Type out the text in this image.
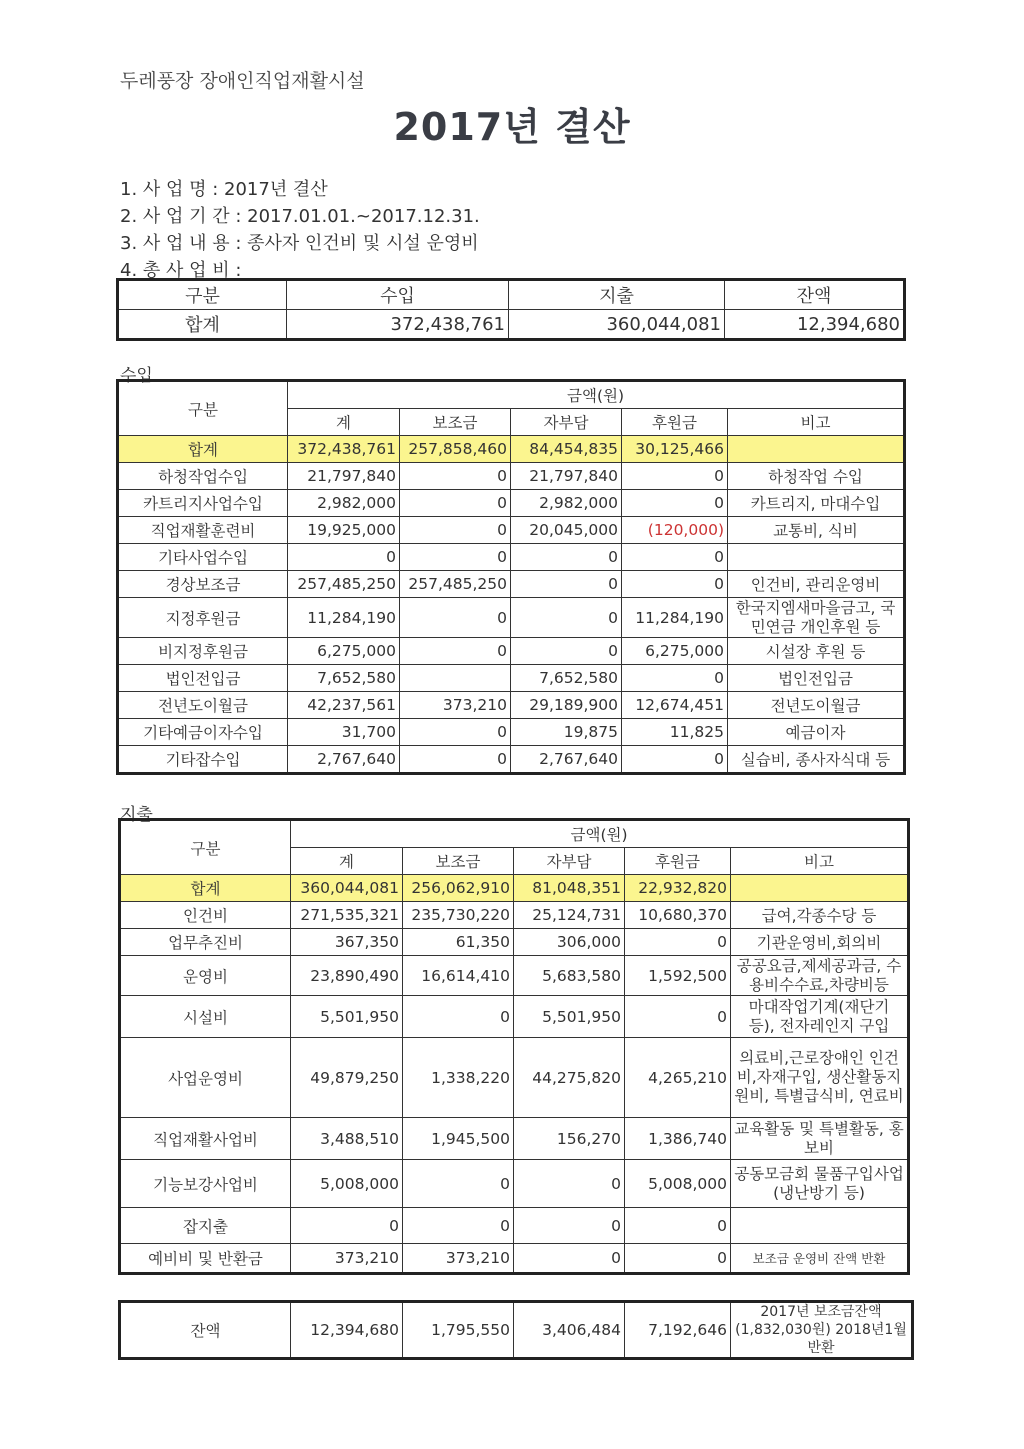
두레풍장 장애인직업재활시설
2017년 결산
1. 사 업 명 : 2017년 결산
2. 사 업 기 간 : 2017.01.01.~2017.12.31.
3. 사 업 내 용 : 종사자 인건비 및 시설 운영비
4. 총 사 업 비 :
구분	수입	지출	잔액
합계	372,438,761	360,044,081	12,394,680
수입
구분	금액(원)				
	계	보조금	자부담	후원금	비고
합계	372,438,761	257,858,460	84,454,835	30,125,466	
하청작업수입	21,797,840	0	21,797,840	0	하청작업 수입
카트리지사업수입	2,982,000	0	2,982,000	0	카트리지, 마대수입
직업재활훈련비	19,925,000	0	20,045,000	(120,000)	교통비, 식비
기타사업수입	0	0	0	0	
경상보조금	257,485,250	257,485,250	0	0	인건비, 관리운영비
지정후원금	11,284,190	0	0	11,284,190	한국지엠새마을금고, 국민연금 개인후원 등
비지정후원금	6,275,000	0	0	6,275,000	시설장 후원 등
법인전입금	7,652,580		7,652,580	0	법인전입금
전년도이월금	42,237,561	373,210	29,189,900	12,674,451	전년도이월금
기타예금이자수입	31,700	0	19,875	11,825	예금이자
기타잡수입	2,767,640	0	2,767,640	0	실습비, 종사자식대 등
지출
구분	금액(원)				
	계	보조금	자부담	후원금	비고
합계	360,044,081	256,062,910	81,048,351	22,932,820	
인건비	271,535,321	235,730,220	25,124,731	10,680,370	급여,각종수당 등
업무추진비	367,350	61,350	306,000	0	기관운영비,회의비
운영비	23,890,490	16,614,410	5,683,580	1,592,500	공공요금,제세공과금, 수용비수수료,차량비등
시설비	5,501,950	0	5,501,950	0	마대작업기계(재단기 등), 전자레인지 구입
사업운영비	49,879,250	1,338,220	44,275,820	4,265,210	의료비,근로장애인 인건비,자재구입, 생산활동지원비, 특별급식비, 연료비
직업재활사업비	3,488,510	1,945,500	156,270	1,386,740	교육활동 및 특별활동, 홍보비
기능보강사업비	5,008,000	0	0	5,008,000	공동모금회 물품구입사업(냉난방기 등)
잡지출	0	0	0	0	
예비비 및 반환금	373,210	373,210	0	0	보조금 운영비 잔액 반환
잔액	12,394,680	1,795,550	3,406,484	7,192,646	2017년 보조금잔액 (1,832,030원) 2018년1월 반환
